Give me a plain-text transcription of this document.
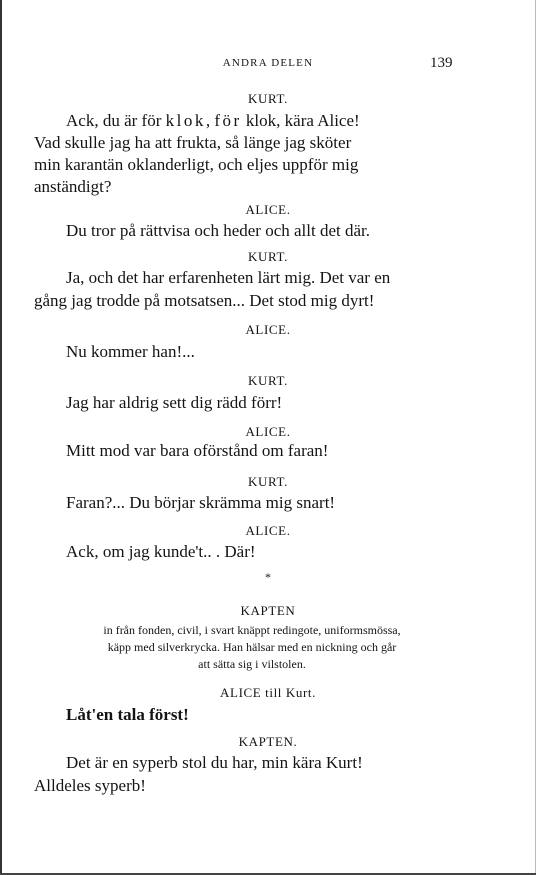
ANDRA DELEN	139
KURT.
Ack, du är för klok, för klok, kära Alice!
Vad skulle jag ha att frukta, så länge jag sköter
min karantän oklanderligt, och eljes uppför mig
anständigt?
ALICE.
Du tror på rättvisa och heder och allt det där.
KURT.
Ja, och det har erfarenheten lärt mig. Det var en
gång jag trodde på motsatsen... Det stod mig dyrt!
ALICE.
Nu kommer han!...
KURT.
Jag har aldrig sett dig rädd förr!
ALICE.
Mitt mod var bara oförstånd om faran!
KURT.
Faran?... Du börjar skrämma mig snart!
ALICE.
Ack, om jag kunde't.. . Där!
*
KAPTEN
in från fonden, civil, i svart knäppt redingote, uniformsmössa,
käpp med silverkrycka. Han hälsar med en nickning och går
att sätta sig i vilstolen.
ALICE till Kurt.
Låt'en tala först!
KAPTEN.
Det är en syperb stol du har, min kära Kurt!
Alldeles syperb!
